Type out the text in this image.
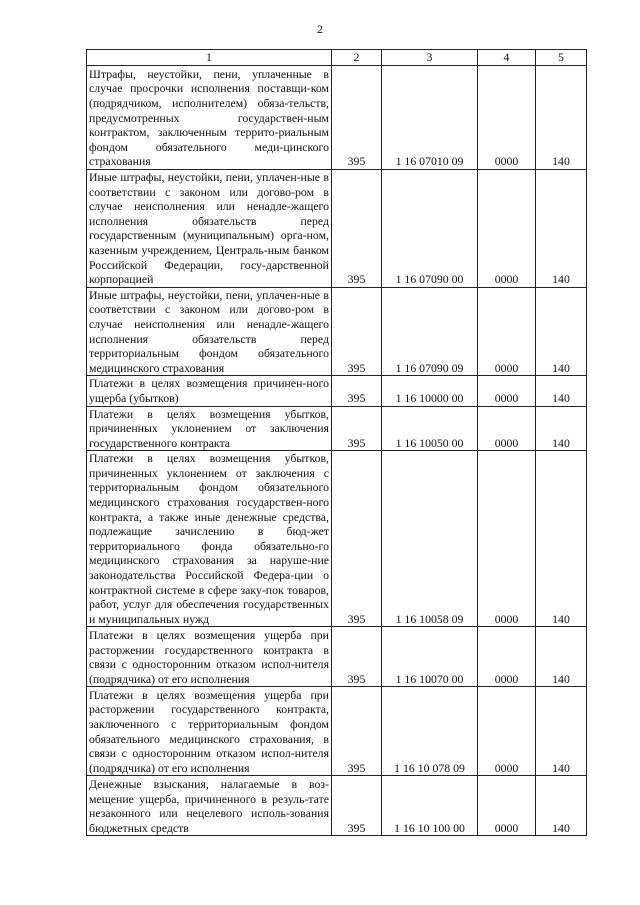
2
1	2	3	4	5
Штрафы, неустойки, пени, уплаченные в случае просрочки исполнения поставщи-ком (подрядчиком, исполнителем) обяза-тельств, предусмотренных государствен-ным контрактом, заключенным террито-риальным фондом обязательного меди-цинского страхования	395	1 16 07010 09	0000	140
Иные штрафы, неустойки, пени, уплачен-ные в соответствии с законом или догово-ром в случае неисполнения или ненадле-жащего исполнения обязательств перед государственным (муниципальным) орга-ном, казенным учреждением, Централь-ным банком Российской Федерации, госу-дарственной корпорацией	395	1 16 07090 00	0000	140
Иные штрафы, неустойки, пени, уплачен-ные в соответствии с законом или догово-ром в случае неисполнения или ненадле-жащего исполнения обязательств перед территориальным фондом обязательного медицинского страхования	395	1 16 07090 09	0000	140
Платежи в целях возмещения причинен-ного ущерба (убытков)	395	1 16 10000 00	0000	140
Платежи в целях возмещения убытков, причиненных уклонением от заключения государственного контракта	395	1 16 10050 00	0000	140
Платежи в целях возмещения убытков, причиненных уклонением от заключения с территориальным фондом обязательного медицинского страхования государствен-ного контракта, а также иные денежные средства, подлежащие зачислению в бюд-жет территориального фонда обязательно-го медицинского страхования за наруше-ние законодательства Российской Федера-ции о контрактной системе в сфере заку-пок товаров, работ, услуг для обеспечения государственных и муниципальных нужд	395	1 16 10058 09	0000	140
Платежи в целях возмещения ущерба при расторжении государственного контракта в связи с односторонним отказом испол-нителя (подрядчика) от его исполнения	395	1 16 10070 00	0000	140
Платежи в целях возмещения ущерба при расторжении государственного контракта, заключенного с территориальным фондом обязательного медицинского страхования, в связи с односторонним отказом испол-нителя (подрядчика) от его исполнения	395	1 16 10 078 09	0000	140
Денежные взыскания, налагаемые в воз-мещение ущерба, причиненного в резуль-тате незаконного или нецелевого исполь-зования бюджетных средств	395	1 16 10 100 00	0000	140
